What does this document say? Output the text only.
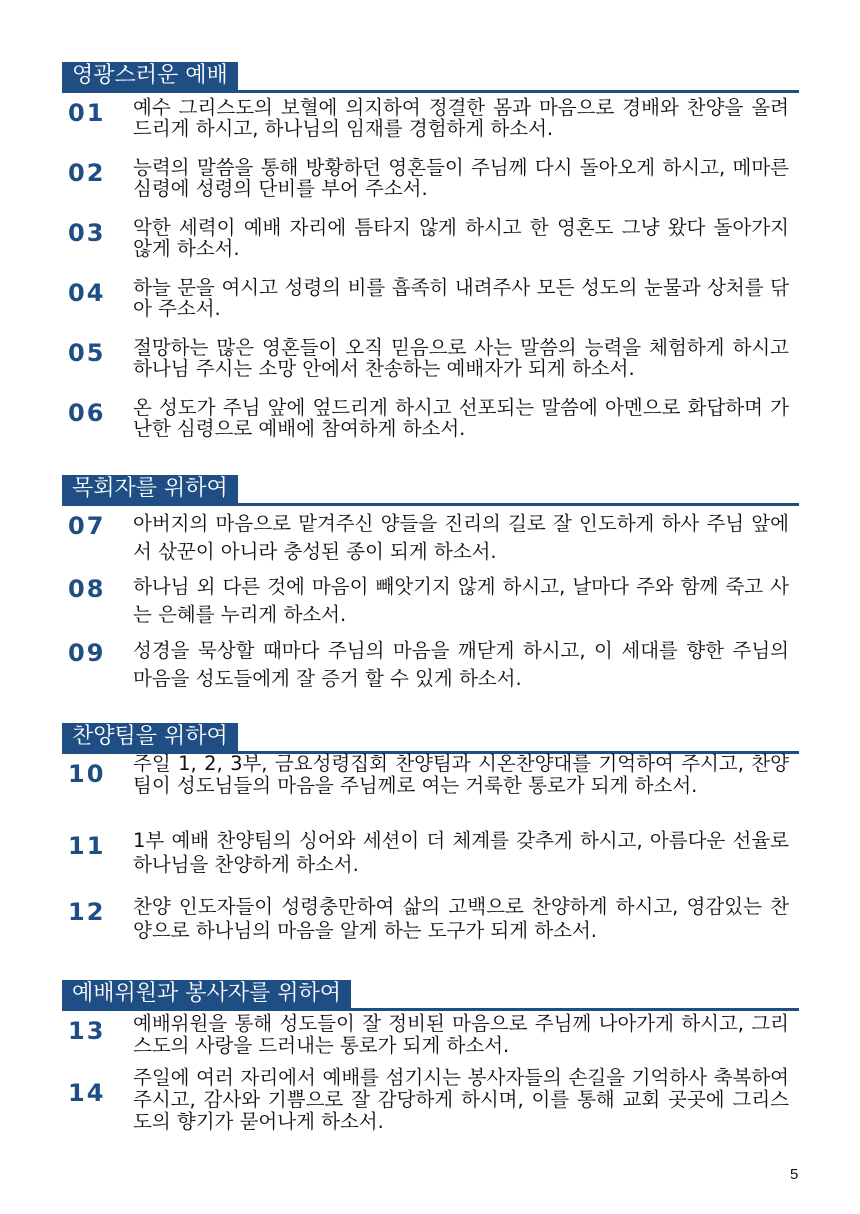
영광스러운 예배
01 예수 그리스도의 보혈에 의지하여 정결한 몸과 마음으로 경배와 찬양을 올려 드리게 하시고, 하나님의 임재를 경험하게 하소서.
02 능력의 말씀을 통해 방황하던 영혼들이 주님께 다시 돌아오게 하시고, 메마른 심령에 성령의 단비를 부어 주소서.
03 악한 세력이 예배 자리에 틈타지 않게 하시고 한 영혼도 그냥 왔다 돌아가지 않게 하소서.
04 하늘 문을 여시고 성령의 비를 흡족히 내려주사 모든 성도의 눈물과 상처를 닦아 주소서.
05 절망하는 많은 영혼들이 오직 믿음으로 사는 말씀의 능력을 체험하게 하시고 하나님 주시는 소망 안에서 찬송하는 예배자가 되게 하소서.
06 온 성도가 주님 앞에 엎드리게 하시고 선포되는 말씀에 아멘으로 화답하며 가난한 심령으로 예배에 참여하게 하소서.
목회자를 위하여
07 아버지의 마음으로 맡겨주신 양들을 진리의 길로 잘 인도하게 하사 주님 앞에서 삯꾼이 아니라 충성된 종이 되게 하소서.
08 하나님 외 다른 것에 마음이 빼앗기지 않게 하시고, 날마다 주와 함께 죽고 사는 은혜를 누리게 하소서.
09 성경을 묵상할 때마다 주님의 마음을 깨닫게 하시고, 이 세대를 향한 주님의 마음을 성도들에게 잘 증거 할 수 있게 하소서.
찬양팀을 위하여
10 주일 1, 2, 3부, 금요성령집회 찬양팀과 시온찬양대를 기억하여 주시고, 찬양팀이 성도님들의 마음을 주님께로 여는 거룩한 통로가 되게 하소서.
11 1부 예배 찬양팀의 싱어와 세션이 더 체계를 갖추게 하시고, 아름다운 선율로 하나님을 찬양하게 하소서.
12 찬양 인도자들이 성령충만하여 삶의 고백으로 찬양하게 하시고, 영감있는 찬양으로 하나님의 마음을 알게 하는 도구가 되게 하소서.
예배위원과 봉사자를 위하여
13 예배위원을 통해 성도들이 잘 정비된 마음으로 주님께 나아가게 하시고, 그리스도의 사랑을 드러내는 통로가 되게 하소서.
14
주일에 여러 자리에서 예배를 섬기시는 봉사자들의 손길을 기억하사 축복하여 주시고, 감사와 기쁨으로 잘 감당하게 하시며, 이를 통해 교회 곳곳에 그리스도의 향기가 묻어나게 하소서.
5
